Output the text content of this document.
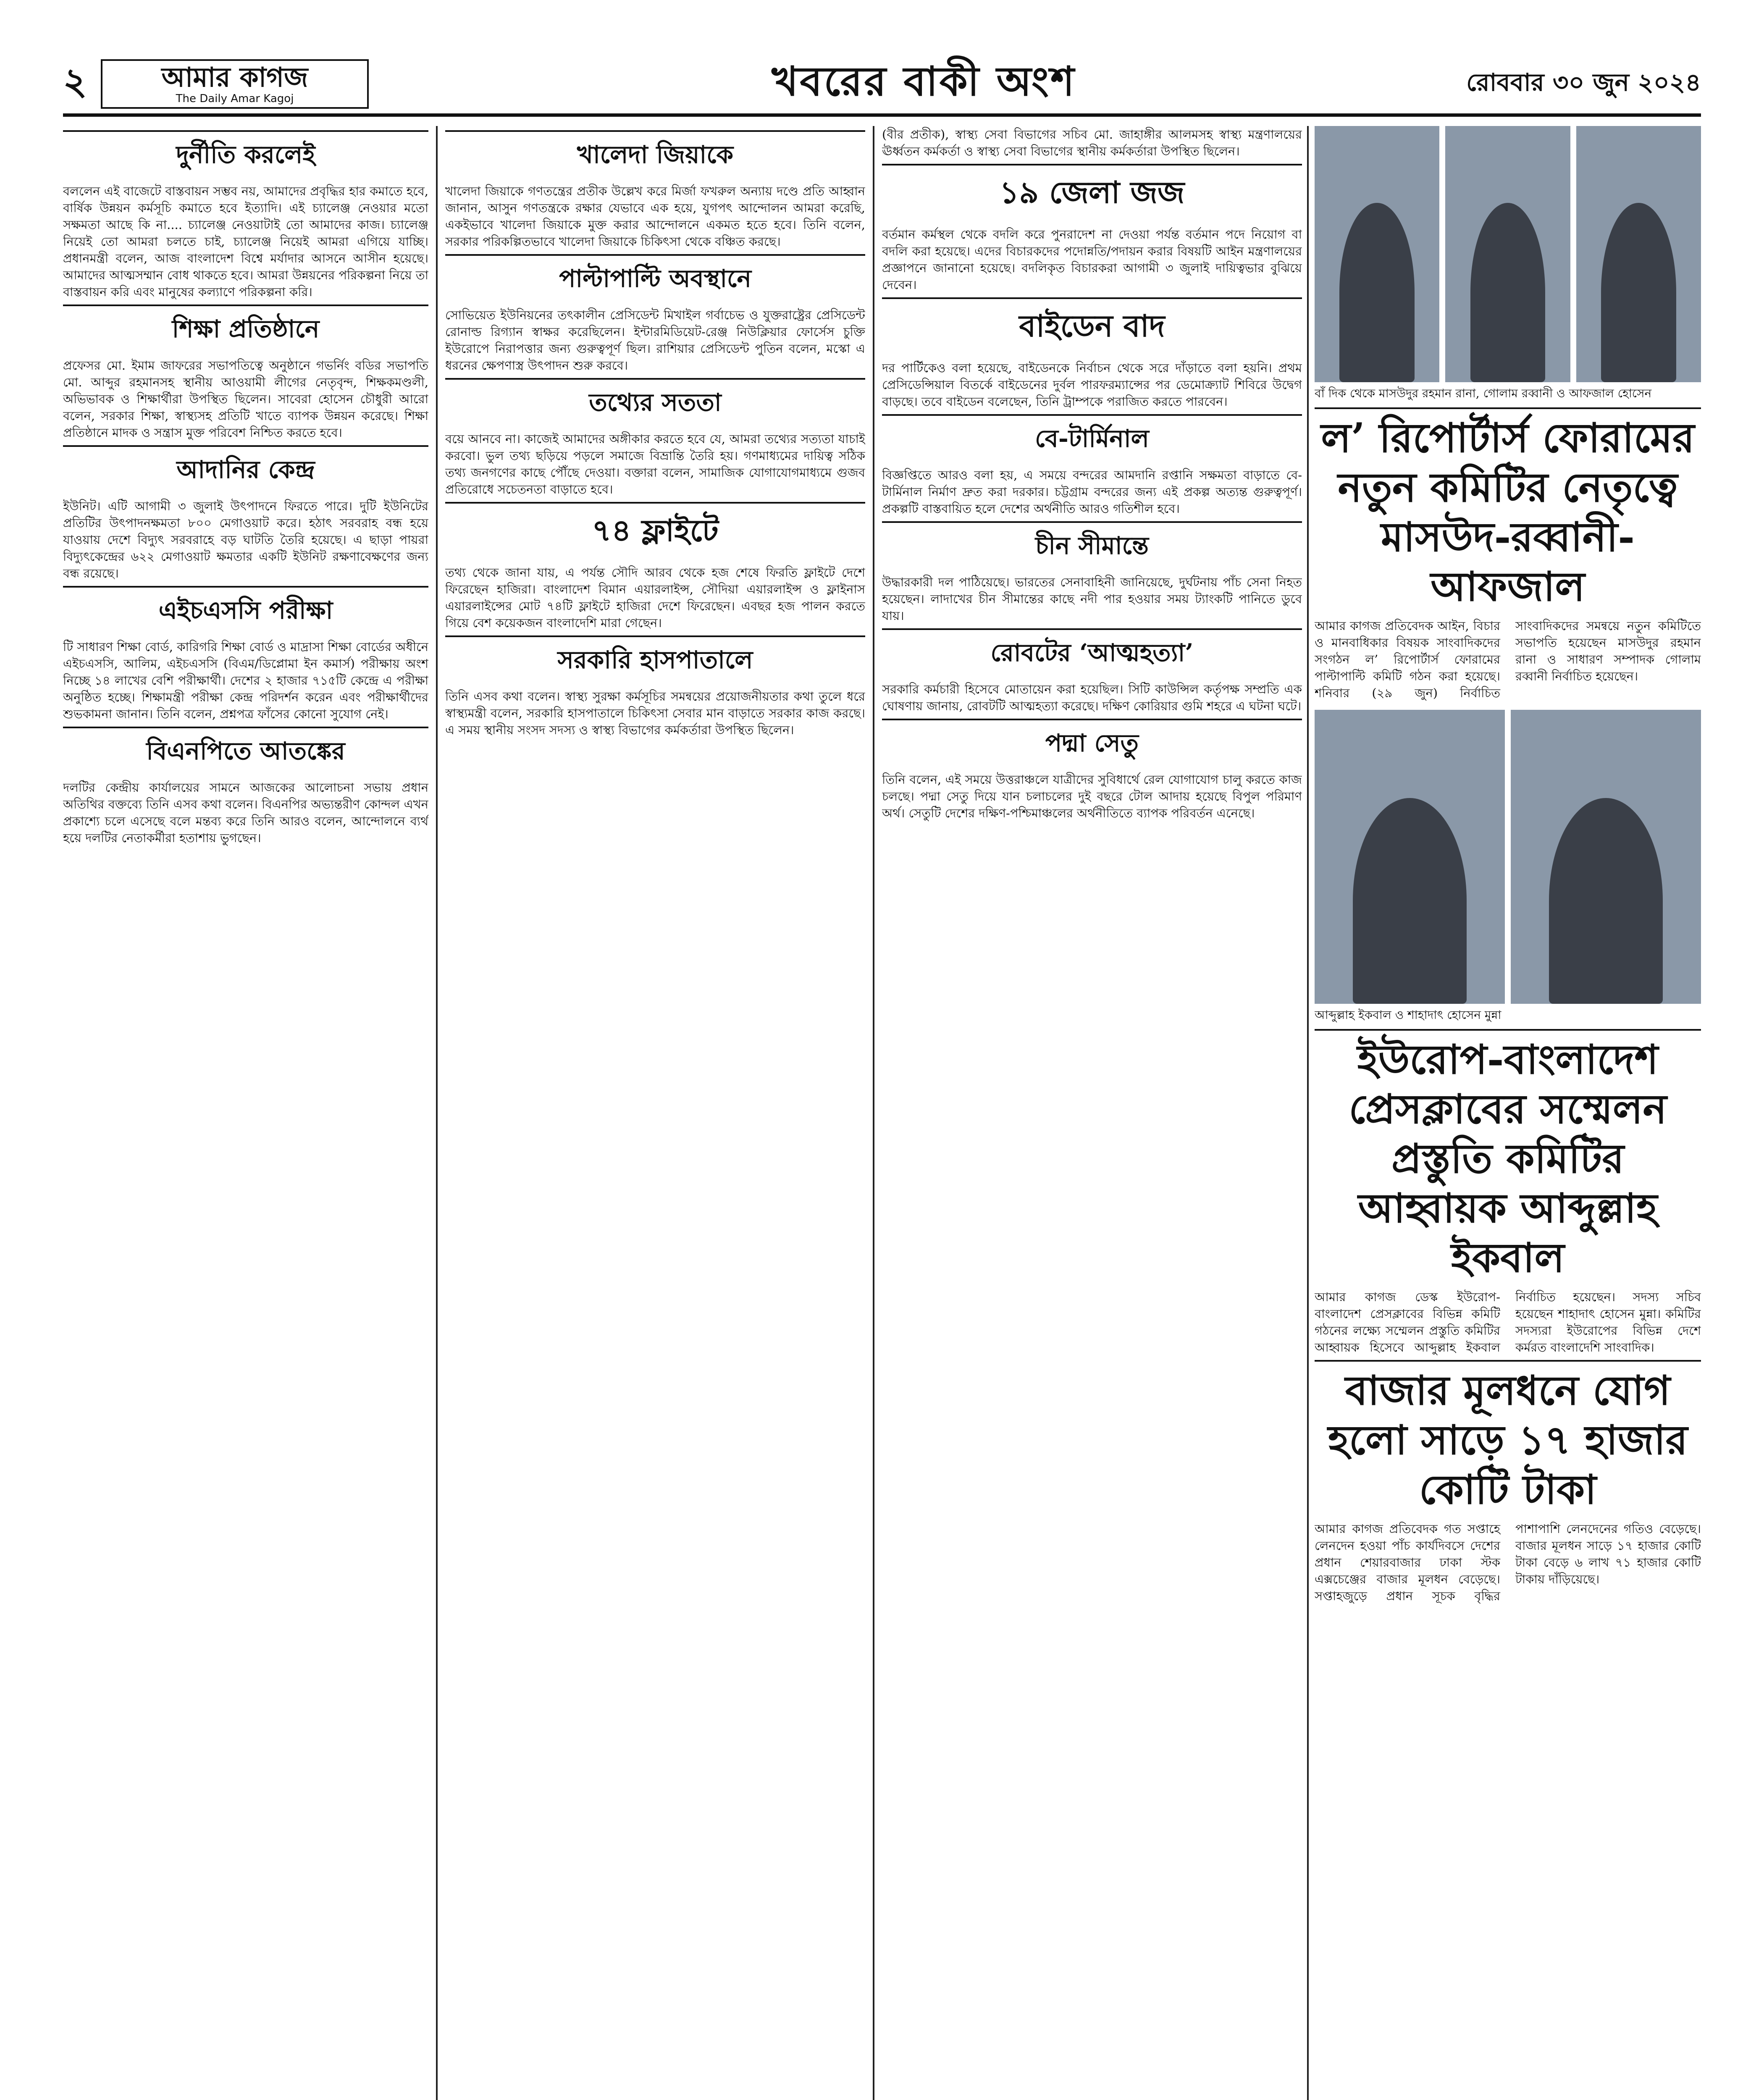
২	আমার কাগজ
The Daily Amar Kagoj	খবরের বাকী অংশ	রোববার ৩০ জুন ২০২৪
দুর্নীতি করলেই
বললেন এই বাজেটে বাস্তবায়ন সম্ভব নয়, আমাদের প্রবৃদ্ধির হার কমাতে হবে, বার্ষিক উন্নয়ন কর্মসূচি কমাতে হবে ইত্যাদি। এই চ্যালেঞ্জ নেওয়ার মতো সক্ষমতা আছে কি না.... চ্যালেঞ্জ নেওয়াটাই তো আমাদের কাজ। চ্যালেঞ্জ নিয়েই তো আমরা চলতে চাই, চ্যালেঞ্জ নিয়েই আমরা এগিয়ে যাচ্ছি। প্রধানমন্ত্রী বলেন, আজ বাংলাদেশ বিশ্বে মর্যাদার আসনে আসীন হয়েছে। আমাদের আত্মসম্মান বোধ থাকতে হবে। আমরা উন্নয়নের পরিকল্পনা নিয়ে তা বাস্তবায়ন করি এবং মানুষের কল্যাণে পরিকল্পনা করি।
শিক্ষা প্রতিষ্ঠানে
প্রফেসর মো. ইমাম জাফরের সভাপতিত্বে অনুষ্ঠানে গভর্নিং বডির সভাপতি মো. আব্দুর রহমানসহ স্থানীয় আওয়ামী লীগের নেতৃবৃন্দ, শিক্ষকমণ্ডলী, অভিভাবক ও শিক্ষার্থীরা উপস্থিত ছিলেন। সাবেরা হোসেন চৌধুরী আরো বলেন, সরকার শিক্ষা, স্বাস্থ্যসহ প্রতিটি খাতে ব্যাপক উন্নয়ন করেছে। শিক্ষা প্রতিষ্ঠানে মাদক ও সন্ত্রাস মুক্ত পরিবেশ নিশ্চিত করতে হবে।
আদানির কেন্দ্র
ইউনিট। এটি আগামী ৩ জুলাই উৎপাদনে ফিরতে পারে। দুটি ইউনিটের প্রতিটির উৎপাদনক্ষমতা ৮০০ মেগাওয়াট করে। হঠাৎ সরবরাহ বন্ধ হয়ে যাওয়ায় দেশে বিদ্যুৎ সরবরাহে বড় ঘাটতি তৈরি হয়েছে। এ ছাড়া পায়রা বিদ্যুৎকেন্দ্রের ৬২২ মেগাওয়াট ক্ষমতার একটি ইউনিট রক্ষণাবেক্ষণের জন্য বন্ধ রয়েছে।
এইচএসসি পরীক্ষা
টি সাধারণ শিক্ষা বোর্ড, কারিগরি শিক্ষা বোর্ড ও মাদ্রাসা শিক্ষা বোর্ডের অধীনে এইচএসসি, আলিম, এইচএসসি (বিএম/ডিপ্লোমা ইন কমার্স) পরীক্ষায় অংশ নিচ্ছে ১৪ লাখের বেশি পরীক্ষার্থী। দেশের ২ হাজার ৭১৫টি কেন্দ্রে এ পরীক্ষা অনুষ্ঠিত হচ্ছে। শিক্ষামন্ত্রী পরীক্ষা কেন্দ্র পরিদর্শন করেন এবং পরীক্ষার্থীদের শুভকামনা জানান। তিনি বলেন, প্রশ্নপত্র ফাঁসের কোনো সুযোগ নেই।
বিএনপিতে আতঙ্কের
দলটির কেন্দ্রীয় কার্যালয়ের সামনে আজকের আলোচনা সভায় প্রধান অতিথির বক্তব্যে তিনি এসব কথা বলেন। বিএনপির অভ্যন্তরীণ কোন্দল এখন প্রকাশ্যে চলে এসেছে বলে মন্তব্য করে তিনি আরও বলেন, আন্দোলনে ব্যর্থ হয়ে দলটির নেতাকর্মীরা হতাশায় ভুগছেন।
খালেদা জিয়াকে
খালেদা জিয়াকে গণতন্ত্রের প্রতীক উল্লেখ করে মির্জা ফখরুল অন্যায় দণ্ডে প্রতি আহ্বান জানান, আসুন গণতন্ত্রকে রক্ষার যেভাবে এক হয়ে, যুগপৎ আন্দোলন আমরা করেছি, একইভাবে খালেদা জিয়াকে মুক্ত করার আন্দোলনে একমত হতে হবে। তিনি বলেন, সরকার পরিকল্পিতভাবে খালেদা জিয়াকে চিকিৎসা থেকে বঞ্চিত করছে।
পাল্টাপাল্টি অবস্থানে
সোভিয়েত ইউনিয়নের তৎকালীন প্রেসিডেন্ট মিখাইল গর্বাচেভ ও যুক্তরাষ্ট্রের প্রেসিডেন্ট রোনাল্ড রিগ্যান স্বাক্ষর করেছিলেন। ইন্টারমিডিয়েট-রেঞ্জ নিউক্লিয়ার ফোর্সেস চুক্তি ইউরোপে নিরাপত্তার জন্য গুরুত্বপূর্ণ ছিল। রাশিয়ার প্রেসিডেন্ট পুতিন বলেন, মস্কো এ ধরনের ক্ষেপণাস্ত্র উৎপাদন শুরু করবে।
তথ্যের সততা
বয়ে আনবে না। কাজেই আমাদের অঙ্গীকার করতে হবে যে, আমরা তথ্যের সত্যতা যাচাই করবো। ভুল তথ্য ছড়িয়ে পড়লে সমাজে বিভ্রান্তি তৈরি হয়। গণমাধ্যমের দায়িত্ব সঠিক তথ্য জনগণের কাছে পৌঁছে দেওয়া। বক্তারা বলেন, সামাজিক যোগাযোগমাধ্যমে গুজব প্রতিরোধে সচেতনতা বাড়াতে হবে।
৭৪ ফ্লাইটে
তথ্য থেকে জানা যায়, এ পর্যন্ত সৌদি আরব থেকে হজ শেষে ফিরতি ফ্লাইটে দেশে ফিরেছেন হাজিরা। বাংলাদেশ বিমান এয়ারলাইন্স, সৌদিয়া এয়ারলাইন্স ও ফ্লাইনাস এয়ারলাইন্সের মোট ৭৪টি ফ্লাইটে হাজিরা দেশে ফিরেছেন। এবছর হজ পালন করতে গিয়ে বেশ কয়েকজন বাংলাদেশি মারা গেছেন।
সরকারি হাসপাতালে
তিনি এসব কথা বলেন। স্বাস্থ্য সুরক্ষা কর্মসূচির সমন্বয়ের প্রয়োজনীয়তার কথা তুলে ধরে স্বাস্থ্যমন্ত্রী বলেন, সরকারি হাসপাতালে চিকিৎসা সেবার মান বাড়াতে সরকার কাজ করছে। এ সময় স্থানীয় সংসদ সদস্য ও স্বাস্থ্য বিভাগের কর্মকর্তারা উপস্থিত ছিলেন।
(বীর প্রতীক), স্বাস্থ্য সেবা বিভাগের সচিব মো. জাহাঙ্গীর আলমসহ স্বাস্থ্য মন্ত্রণালয়ের ঊর্ধ্বতন কর্মকর্তা ও স্বাস্থ্য সেবা বিভাগের স্থানীয় কর্মকর্তারা উপস্থিত ছিলেন।
১৯ জেলা জজ
বর্তমান কর্মস্থল থেকে বদলি করে পুনরাদেশ না দেওয়া পর্যন্ত বর্তমান পদে নিয়োগ বা বদলি করা হয়েছে। এদের বিচারকদের পদোন্নতি/পদায়ন করার বিষয়টি আইন মন্ত্রণালয়ের প্রজ্ঞাপনে জানানো হয়েছে। বদলিকৃত বিচারকরা আগামী ৩ জুলাই দায়িত্বভার বুঝিয়ে দেবেন।
বাইডেন বাদ
দর পার্টিকেও বলা হয়েছে, বাইডেনকে নির্বাচন থেকে সরে দাঁড়াতে বলা হয়নি। প্রথম প্রেসিডেন্সিয়াল বিতর্কে বাইডেনের দুর্বল পারফরম্যান্সের পর ডেমোক্র্যাট শিবিরে উদ্বেগ বাড়ছে। তবে বাইডেন বলেছেন, তিনি ট্রাম্পকে পরাজিত করতে পারবেন।
বে-টার্মিনাল
বিজ্ঞপ্তিতে আরও বলা হয়, এ সময়ে বন্দরের আমদানি রপ্তানি সক্ষমতা বাড়াতে বে-টার্মিনাল নির্মাণ দ্রুত করা দরকার। চট্টগ্রাম বন্দরের জন্য এই প্রকল্প অত্যন্ত গুরুত্বপূর্ণ। প্রকল্পটি বাস্তবায়িত হলে দেশের অর্থনীতি আরও গতিশীল হবে।
চীন সীমান্তে
উদ্ধারকারী দল পাঠিয়েছে। ভারতের সেনাবাহিনী জানিয়েছে, দুর্ঘটনায় পাঁচ সেনা নিহত হয়েছেন। লাদাখের চীন সীমান্তের কাছে নদী পার হওয়ার সময় ট্যাংকটি পানিতে ডুবে যায়।
রোবটের ‘আত্মহত্যা’
সরকারি কর্মচারী হিসেবে মোতায়েন করা হয়েছিল। সিটি কাউন্সিল কর্তৃপক্ষ সম্প্রতি এক ঘোষণায় জানায়, রোবটটি আত্মহত্যা করেছে। দক্ষিণ কোরিয়ার গুমি শহরে এ ঘটনা ঘটে।
পদ্মা সেতু
তিনি বলেন, এই সময়ে উত্তরাঞ্চলে যাত্রীদের সুবিধার্থে রেল যোগাযোগ চালু করতে কাজ চলছে। পদ্মা সেতু দিয়ে যান চলাচলের দুই বছরে টোল আদায় হয়েছে বিপুল পরিমাণ অর্থ। সেতুটি দেশের দক্ষিণ-পশ্চিমাঞ্চলের অর্থনীতিতে ব্যাপক পরিবর্তন এনেছে।
বাঁ দিক থেকে মাসউদুর রহমান রানা, গোলাম রব্বানী ও আফজাল হোসেন
ল’ রিপোর্টার্স ফোরামের নতুন কমিটির নেতৃত্বে মাসউদ-রব্বানী-আফজাল
আমার কাগজ প্রতিবেদক আইন, বিচার ও মানবাধিকার বিষয়ক সাংবাদিকদের সংগঠন ল’ রিপোর্টার্স ফোরামের পাল্টাপাল্টি কমিটি গঠন করা হয়েছে। শনিবার (২৯ জুন) নির্বাচিত সাংবাদিকদের সমন্বয়ে নতুন কমিটিতে সভাপতি হয়েছেন মাসউদুর রহমান রানা ও সাধারণ সম্পাদক গোলাম রব্বানী নির্বাচিত হয়েছেন।
আব্দুল্লাহ ইকবাল ও শাহাদাৎ হোসেন মুন্না
ইউরোপ-বাংলাদেশ প্রেসক্লাবের সম্মেলন প্রস্তুতি কমিটির আহ্বায়ক আব্দুল্লাহ ইকবাল
আমার কাগজ ডেস্ক ইউরোপ-বাংলাদেশ প্রেসক্লাবের বিভিন্ন কমিটি গঠনের লক্ষ্যে সম্মেলন প্রস্তুতি কমিটির আহ্বায়ক হিসেবে আব্দুল্লাহ ইকবাল নির্বাচিত হয়েছেন। সদস্য সচিব হয়েছেন শাহাদাৎ হোসেন মুন্না। কমিটির সদস্যরা ইউরোপের বিভিন্ন দেশে কর্মরত বাংলাদেশি সাংবাদিক।
বাজার মূলধনে যোগ হলো সাড়ে ১৭ হাজার কোটি টাকা
আমার কাগজ প্রতিবেদক গত সপ্তাহে লেনদেন হওয়া পাঁচ কার্যদিবসে দেশের প্রধান শেয়ারবাজার ঢাকা স্টক এক্সচেঞ্জের বাজার মূলধন বেড়েছে। সপ্তাহজুড়ে প্রধান সূচক বৃদ্ধির পাশাপাশি লেনদেনের গতিও বেড়েছে। বাজার মূলধন সাড়ে ১৭ হাজার কোটি টাকা বেড়ে ৬ লাখ ৭১ হাজার কোটি টাকায় দাঁড়িয়েছে।
